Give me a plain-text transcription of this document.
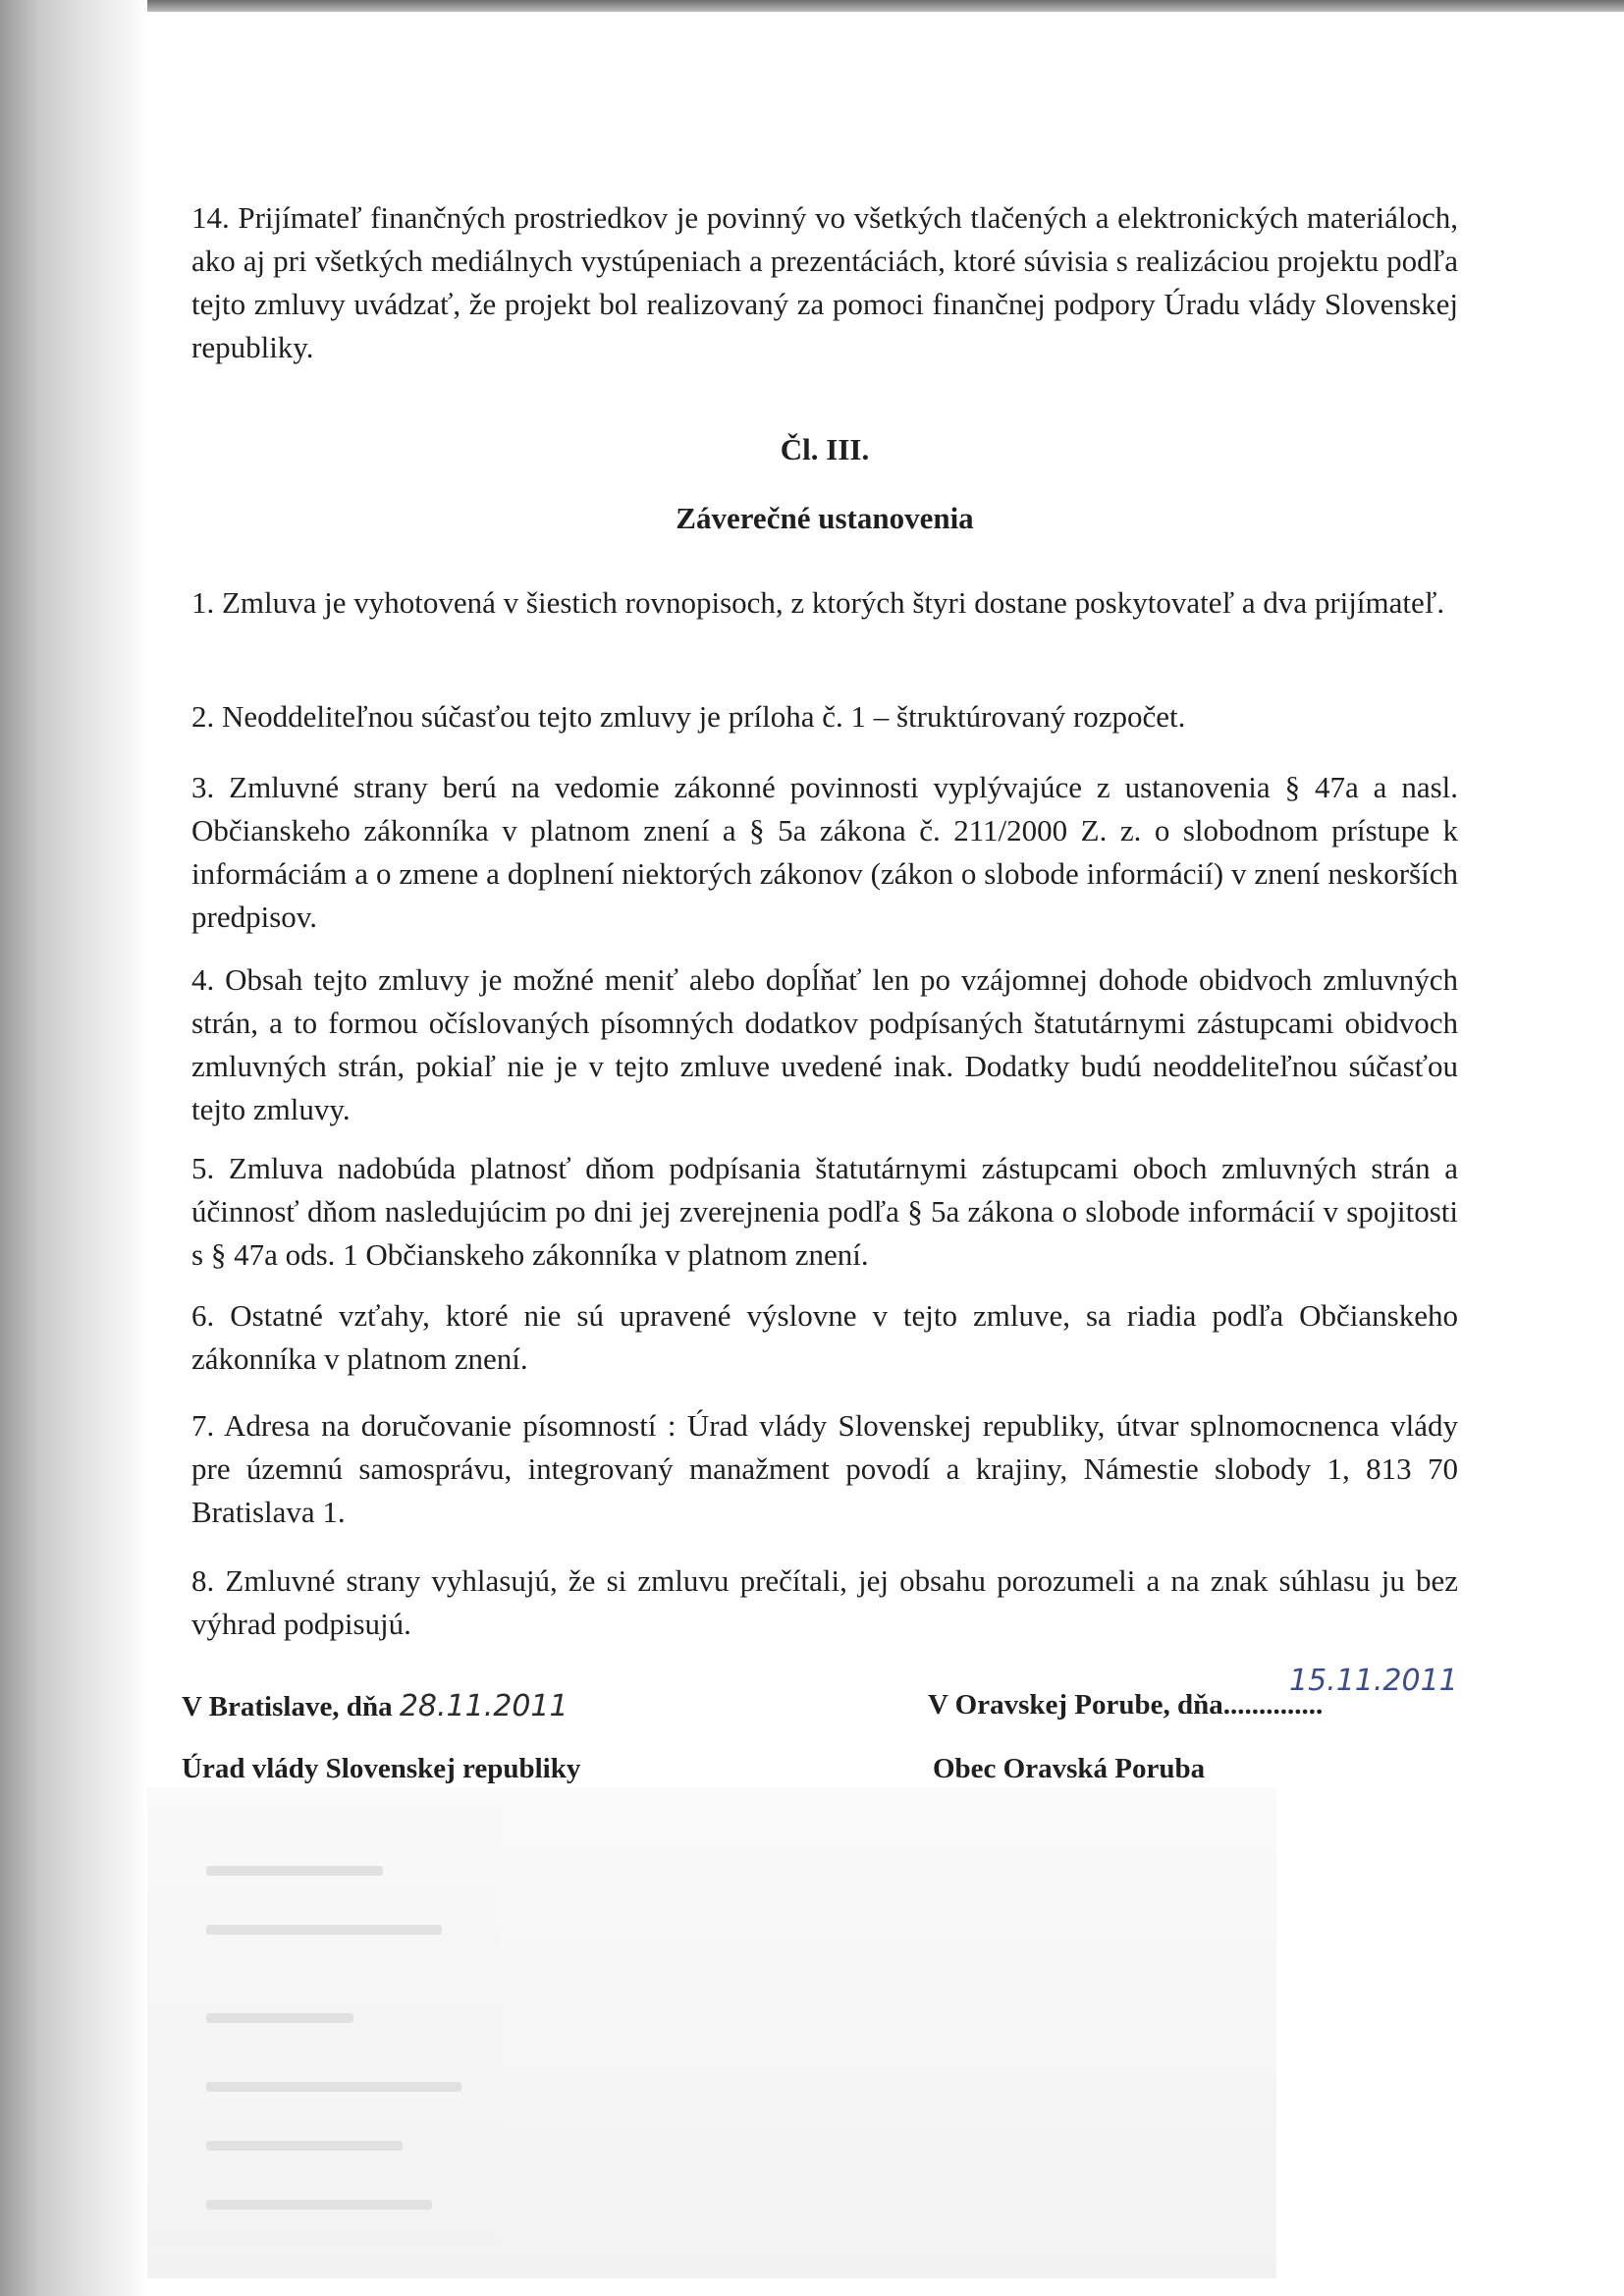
14. Prijímateľ finančných prostriedkov je povinný vo všetkých tlačených a elektronických materiáloch, ako aj pri všetkých mediálnych vystúpeniach a prezentáciách, ktoré súvisia s realizáciou projektu podľa tejto zmluvy uvádzať, že projekt bol realizovaný za pomoci finančnej podpory Úradu vlády Slovenskej republiky.
Čl. III.
Záverečné ustanovenia
1. Zmluva je vyhotovená v šiestich rovnopisoch, z ktorých štyri dostane poskytovateľ a dva prijímateľ.
2. Neoddeliteľnou súčasťou tejto zmluvy je príloha č. 1 – štruktúrovaný rozpočet.
3. Zmluvné strany berú na vedomie zákonné povinnosti vyplývajúce z ustanovenia § 47a a nasl. Občianskeho zákonníka v platnom znení a § 5a zákona č. 211/2000 Z. z. o slobodnom prístupe k informáciám a o zmene a doplnení niektorých zákonov (zákon o slobode informácií) v znení neskorších predpisov.
4. Obsah tejto zmluvy je možné meniť alebo dopĺňať len po vzájomnej dohode obidvoch zmluvných strán, a to formou očíslovaných písomných dodatkov podpísaných štatutárnymi zástupcami obidvoch zmluvných strán, pokiaľ nie je v tejto zmluve uvedené inak. Dodatky budú neoddeliteľnou súčasťou tejto zmluvy.
5. Zmluva nadobúda platnosť dňom podpísania štatutárnymi zástupcami oboch zmluvných strán a účinnosť dňom nasledujúcim po dni jej zverejnenia podľa § 5a zákona o slobode informácií v spojitosti s § 47a ods. 1 Občianskeho zákonníka v platnom znení.
6. Ostatné vzťahy, ktoré nie sú upravené výslovne v tejto zmluve, sa riadia podľa Občianskeho zákonníka v platnom znení.
7. Adresa na doručovanie písomností : Úrad vlády Slovenskej republiky, útvar splnomocnenca vlády pre územnú samosprávu, integrovaný manažment povodí a krajiny, Námestie slobody 1, 813 70 Bratislava 1.
8. Zmluvné strany vyhlasujú, že si zmluvu prečítali, jej obsahu porozumeli a na znak súhlasu ju bez výhrad podpisujú.
V Bratislave, dňa 28.11.2011
Úrad vlády Slovenskej republiky
V Oravskej Porube, dňa..............
15.11.2011
Obec Oravská Poruba
